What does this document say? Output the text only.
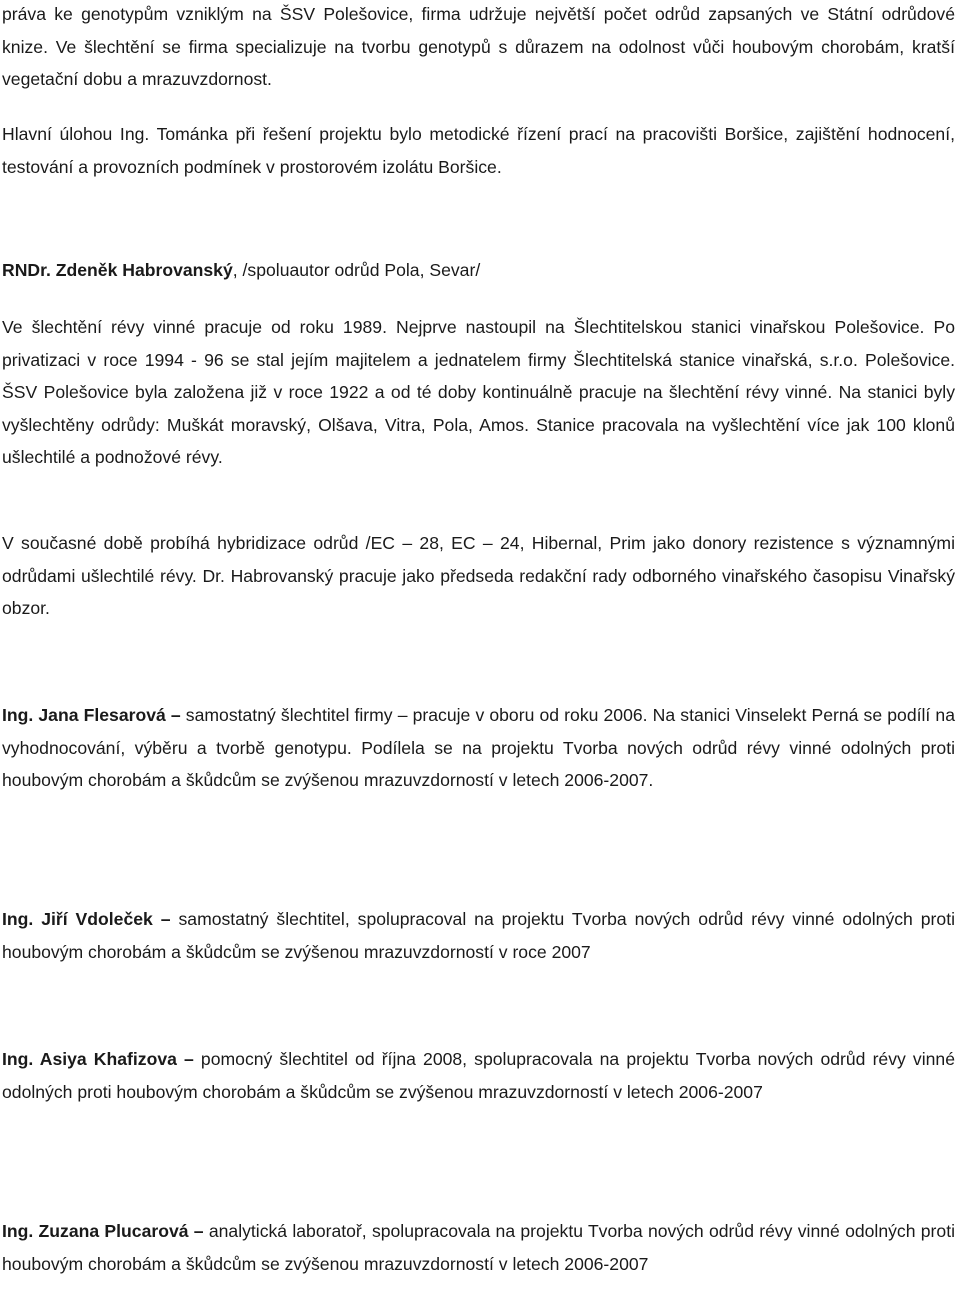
práva ke genotypům vzniklým na ŠSV Polešovice, firma udržuje největší počet odrůd zapsaných ve Státní odrůdové knize. Ve šlechtění se firma specializuje na tvorbu genotypů s důrazem na odolnost vůči houbovým chorobám, kratší vegetační dobu a mrazuvzdornost.

Hlavní úlohou Ing. Tománka při řešení projektu bylo metodické řízení prací na pracovišti Boršice, zajištění hodnocení, testování a provozních podmínek v prostorovém izolátu Boršice.

RNDr. Zdeněk Habrovanský, /spoluautor odrůd Pola, Sevar/

Ve šlechtění révy vinné pracuje od roku 1989. Nejprve nastoupil na Šlechtitelskou stanici vinařskou Polešovice. Po privatizaci v roce 1994 - 96 se stal jejím majitelem a jednatelem firmy Šlechtitelská stanice vinařská, s.r.o. Polešovice. ŠSV Polešovice byla založena již v roce 1922 a od té doby kontinuálně pracuje na šlechtění révy vinné. Na stanici byly vyšlechtěny odrůdy: Muškát moravský, Olšava, Vitra, Pola, Amos. Stanice pracovala na vyšlechtění více jak 100 klonů ušlechtilé a podnožové révy.

V současné době probíhá hybridizace odrůd /EC – 28, EC – 24, Hibernal, Prim jako donory rezistence s významnými odrůdami ušlechtilé révy. Dr. Habrovanský pracuje jako předseda redakční rady odborného vinařského časopisu Vinařský obzor.

Ing. Jana Flesarová – samostatný šlechtitel firmy – pracuje v oboru od roku 2006. Na stanici Vinselekt Perná se podílí na vyhodnocování, výběru a tvorbě genotypu. Podílela se na projektu Tvorba nových odrůd révy vinné odolných proti houbovým chorobám a škůdcům se zvýšenou mrazuvzdorností v letech 2006-2007.

Ing. Jiří Vdoleček – samostatný šlechtitel, spolupracoval na projektu Tvorba nových odrůd révy vinné odolných proti houbovým chorobám a škůdcům se zvýšenou mrazuvzdorností v roce 2007

Ing. Asiya Khafizova – pomocný šlechtitel od října 2008, spolupracovala na projektu Tvorba nových odrůd révy vinné odolných proti houbovým chorobám a škůdcům se zvýšenou mrazuvzdorností v letech 2006-2007

Ing. Zuzana Plucarová – analytická laboratoř, spolupracovala na projektu Tvorba nových odrůd révy vinné odolných proti houbovým chorobám a škůdcům se zvýšenou mrazuvzdorností v letech 2006-2007
